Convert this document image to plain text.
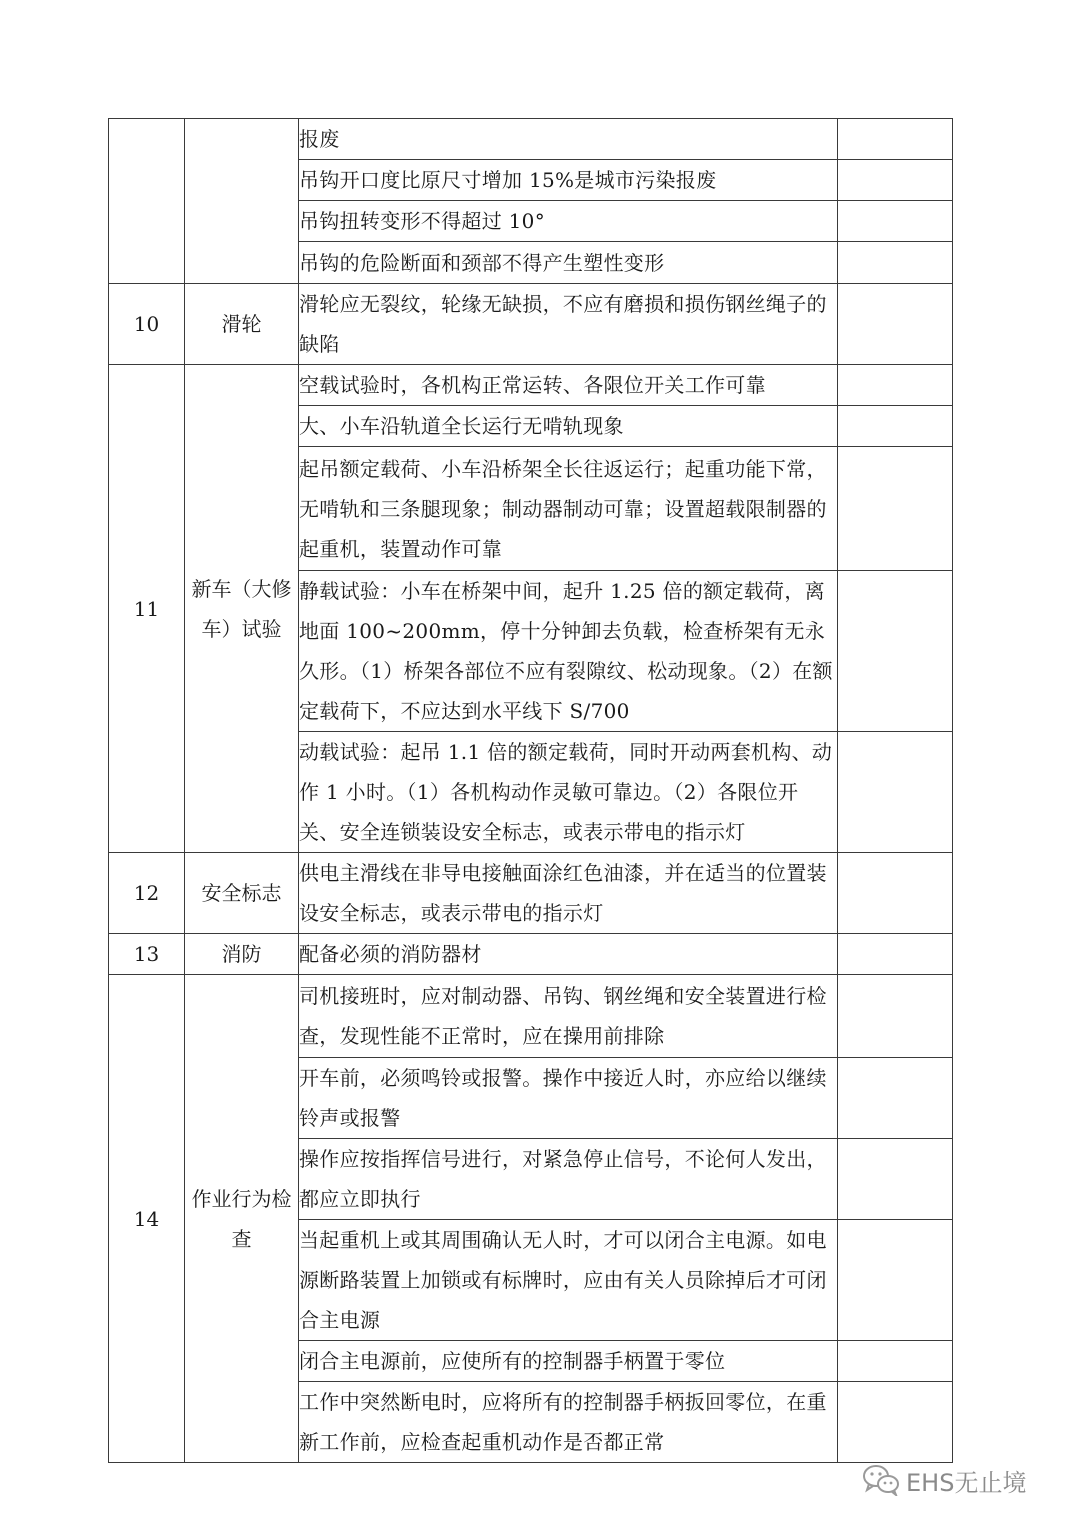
		报废	
		吊钩开口度比原尺寸增加 15%是城市污染报废	
		吊钩扭转变形不得超过 10°	
		吊钩的危险断面和颈部不得产生塑性变形	
10	滑轮	滑轮应无裂纹，轮缘无缺损，不应有磨损和损伤钢丝绳子的缺陷	
11	新车（大修车）试验	空载试验时，各机构正常运转、各限位开关工作可靠	
		大、小车沿轨道全长运行无啃轨现象	
		起吊额定载荷、小车沿桥架全长往返运行；起重功能下常，无啃轨和三条腿现象；制动器制动可靠；设置超载限制器的起重机，装置动作可靠	
		静载试验：小车在桥架中间，起升 1.25 倍的额定载荷，离地面 100~200mm，停十分钟卸去负载，检查桥架有无永久形。（1）桥架各部位不应有裂隙纹、松动现象。（2）在额定载荷下，不应达到水平线下 S/700	
		动载试验：起吊 1.1 倍的额定载荷，同时开动两套机构、动作 1 小时。（1）各机构动作灵敏可靠边。（2）各限位开关、安全连锁装设安全标志，或表示带电的指示灯	
12	安全标志	供电主滑线在非导电接触面涂红色油漆，并在适当的位置装设安全标志，或表示带电的指示灯	
13	消防	配备必须的消防器材	
14	作业行为检查	司机接班时，应对制动器、吊钩、钢丝绳和安全装置进行检查，发现性能不正常时，应在操用前排除	
		开车前，必须鸣铃或报警。操作中接近人时，亦应给以继续铃声或报警	
		操作应按指挥信号进行，对紧急停止信号，不论何人发出，都应立即执行	
		当起重机上或其周围确认无人时，才可以闭合主电源。如电源断路装置上加锁或有标牌时，应由有关人员除掉后才可闭合主电源	
		闭合主电源前，应使所有的控制器手柄置于零位	
		工作中突然断电时，应将所有的控制器手柄扳回零位，在重新工作前，应检查起重机动作是否都正常	
EHS无止境
